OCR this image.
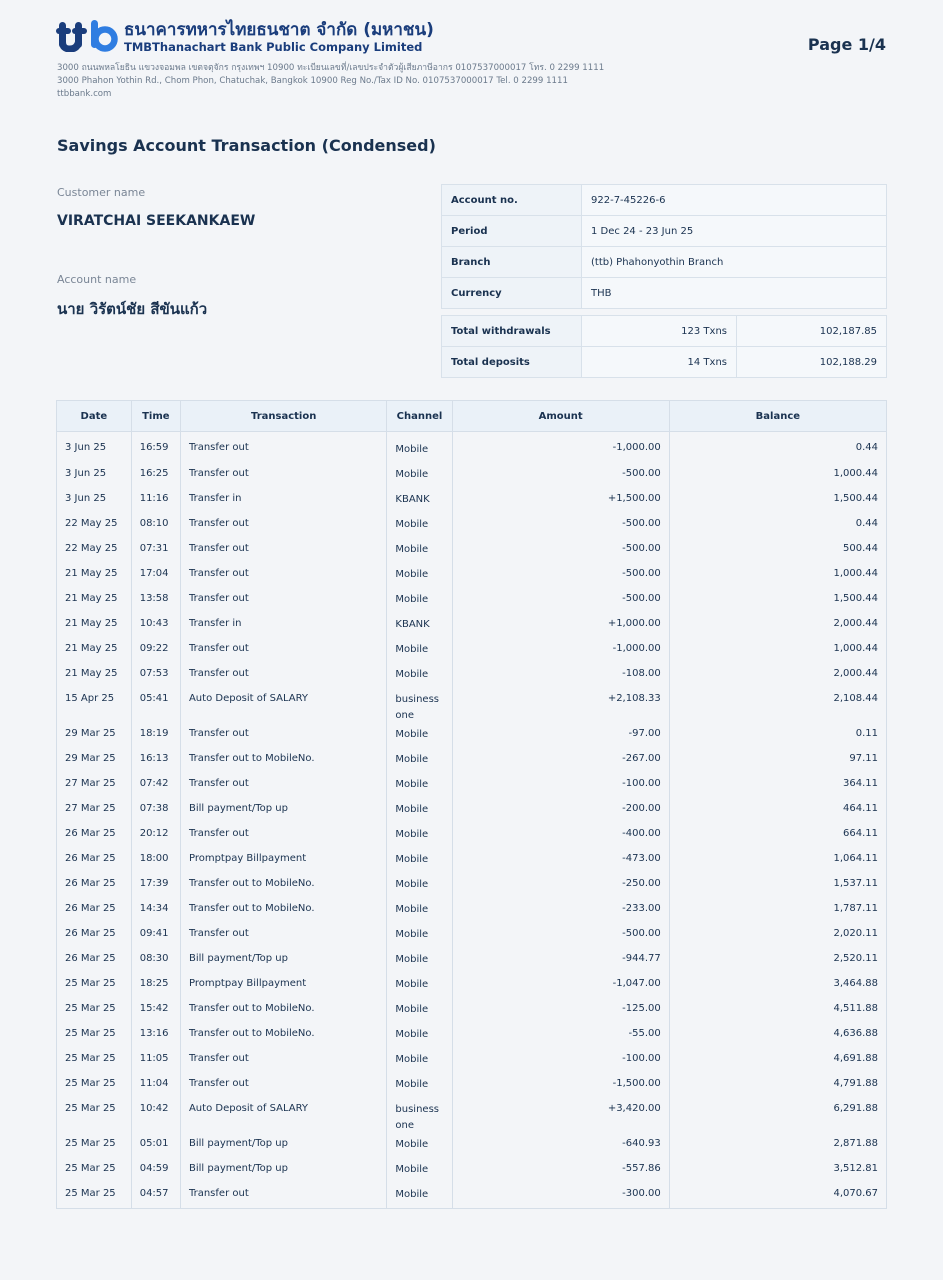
ธนาคารทหารไทยธนชาต จำกัด (มหาชน)
TMBThanachart Bank Public Company Limited	Page 1/4
3000 ถนนพหลโยธิน แขวงจอมพล เขตจตุจักร กรุงเทพฯ 10900 ทะเบียนเลขที่/เลขประจำตัวผู้เสียภาษีอากร 0107537000017 โทร. 0 2299 1111
3000 Phahon Yothin Rd., Chom Phon, Chatuchak, Bangkok 10900 Reg No./Tax ID No. 0107537000017 Tel. 0 2299 1111
ttbbank.com
Savings Account Transaction (Condensed)
Customer name
VIRATCHAI SEEKANKAEW
Account name
นาย วิรัตน์ชัย สีขันแก้ว
Account no.	922-7-45226-6
Period	1 Dec 24 - 23 Jun 25
Branch	(ttb) Phahonyothin Branch
Currency	THB
Total withdrawals	123 Txns	102,187.85
Total deposits	14 Txns	102,188.29
Date	Time	Transaction	Channel	Amount	Balance
3 Jun 25	16:59	Transfer out	Mobile	-1,000.00	0.44
3 Jun 25	16:25	Transfer out	Mobile	-500.00	1,000.44
3 Jun 25	11:16	Transfer in	KBANK	+1,500.00	1,500.44
22 May 25	08:10	Transfer out	Mobile	-500.00	0.44
22 May 25	07:31	Transfer out	Mobile	-500.00	500.44
21 May 25	17:04	Transfer out	Mobile	-500.00	1,000.44
21 May 25	13:58	Transfer out	Mobile	-500.00	1,500.44
21 May 25	10:43	Transfer in	KBANK	+1,000.00	2,000.44
21 May 25	09:22	Transfer out	Mobile	-1,000.00	1,000.44
21 May 25	07:53	Transfer out	Mobile	-108.00	2,000.44
15 Apr 25	05:41	Auto Deposit of SALARY	business one	+2,108.33	2,108.44
29 Mar 25	18:19	Transfer out	Mobile	-97.00	0.11
29 Mar 25	16:13	Transfer out to MobileNo.	Mobile	-267.00	97.11
27 Mar 25	07:42	Transfer out	Mobile	-100.00	364.11
27 Mar 25	07:38	Bill payment/Top up	Mobile	-200.00	464.11
26 Mar 25	20:12	Transfer out	Mobile	-400.00	664.11
26 Mar 25	18:00	Promptpay Billpayment	Mobile	-473.00	1,064.11
26 Mar 25	17:39	Transfer out to MobileNo.	Mobile	-250.00	1,537.11
26 Mar 25	14:34	Transfer out to MobileNo.	Mobile	-233.00	1,787.11
26 Mar 25	09:41	Transfer out	Mobile	-500.00	2,020.11
26 Mar 25	08:30	Bill payment/Top up	Mobile	-944.77	2,520.11
25 Mar 25	18:25	Promptpay Billpayment	Mobile	-1,047.00	3,464.88
25 Mar 25	15:42	Transfer out to MobileNo.	Mobile	-125.00	4,511.88
25 Mar 25	13:16	Transfer out to MobileNo.	Mobile	-55.00	4,636.88
25 Mar 25	11:05	Transfer out	Mobile	-100.00	4,691.88
25 Mar 25	11:04	Transfer out	Mobile	-1,500.00	4,791.88
25 Mar 25	10:42	Auto Deposit of SALARY	business one	+3,420.00	6,291.88
25 Mar 25	05:01	Bill payment/Top up	Mobile	-640.93	2,871.88
25 Mar 25	04:59	Bill payment/Top up	Mobile	-557.86	3,512.81
25 Mar 25	04:57	Transfer out	Mobile	-300.00	4,070.67
